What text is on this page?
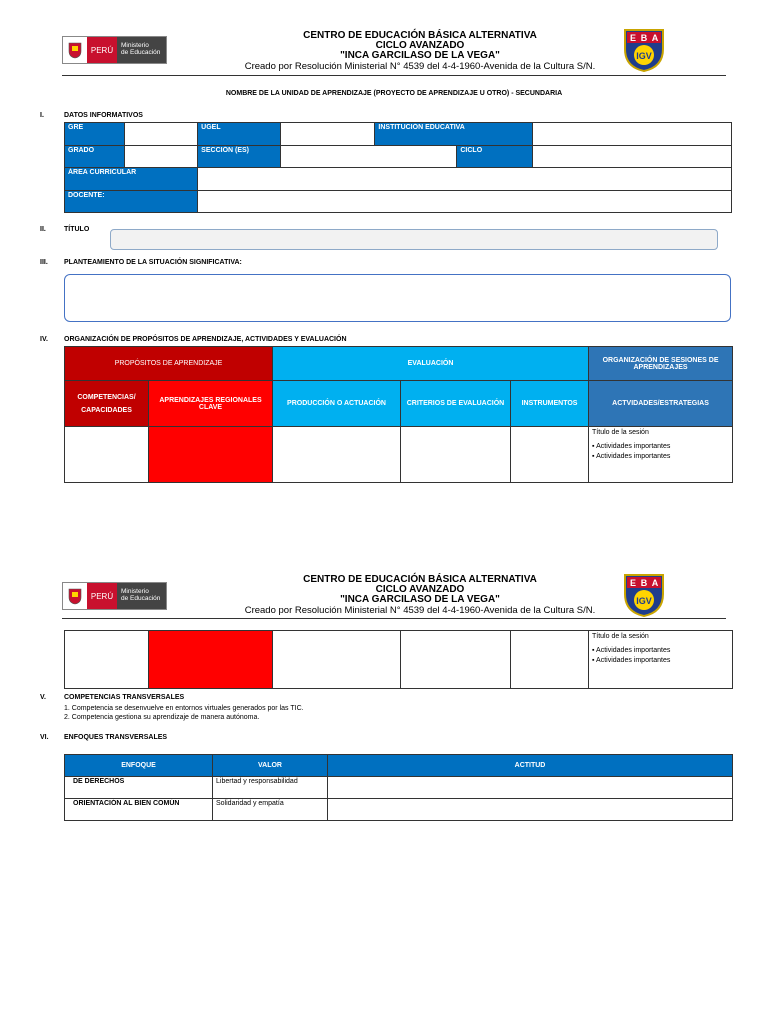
PERÚ	Ministerio
de Educación
CENTRO DE EDUCACIÓN BÁSICA ALTERNATIVA
CICLO AVANZADO
"INCA GARCILASO DE LA VEGA"
Creado por Resolución Ministerial N° 4539 del 4-4-1960-Avenida de la Cultura S/N.
E B A
IGV
NOMBRE DE LA UNIDAD DE APRENDIZAJE (PROYECTO DE APRENDIZAJE U OTRO) - SECUNDARIA
I.	DATOS INFORMATIVOS
GRE		UGEL		INSTITUCIÓN EDUCATIVA		
GRADO		SECCIÓN (ES)			CICLO	
ÁREA CURRICULAR						
DOCENTE:						
II.	TÍTULO
III. PLANTEAMIENTO DE LA SITUACIÓN SIGNIFICATIVA:
IV. ORGANIZACIÓN DE PROPÓSITOS DE APRENDIZAJE, ACTIVIDADES Y EVALUACIÓN
PROPÓSITOS DE APRENDIZAJE		EVALUACIÓN			ORGANIZACIÓN DE SESIONES DE APRENDIZAJES

COMPETENCIAS/
CAPACIDADES	APRENDIZAJES REGIONALES CLAVE	PRODUCCIÓN O ACTUACIÓN	CRITERIOS DE EVALUACIÓN	INSTRUMENTOS	ACTVIDADES/ESTRATEGIAS

					Título de la sesión
▪ Actividades importantes
▪ Actividades importantes
PERÚ	Ministerio
de Educación
CENTRO DE EDUCACIÓN BÁSICA ALTERNATIVA
CICLO AVANZADO
"INCA GARCILASO DE LA VEGA"
Creado por Resolución Ministerial N° 4539 del 4-4-1960-Avenida de la Cultura S/N.
E B A
IGV

Título de la sesión
▪ Actividades importantes
▪ Actividades importantes
V.	COMPETENCIAS TRANSVERSALES
1. Competencia se desenvuelve en entornos virtuales generados por las TIC.
2. Competencia gestiona su aprendizaje de manera autónoma.
VI. ENFOQUES TRANSVERSALES
ENFOQUE	VALOR	ACTITUD
DE DERECHOS	Libertad y responsabilidad	
ORIENTACIÓN AL BIEN COMÚN	Solidaridad y empatía	
